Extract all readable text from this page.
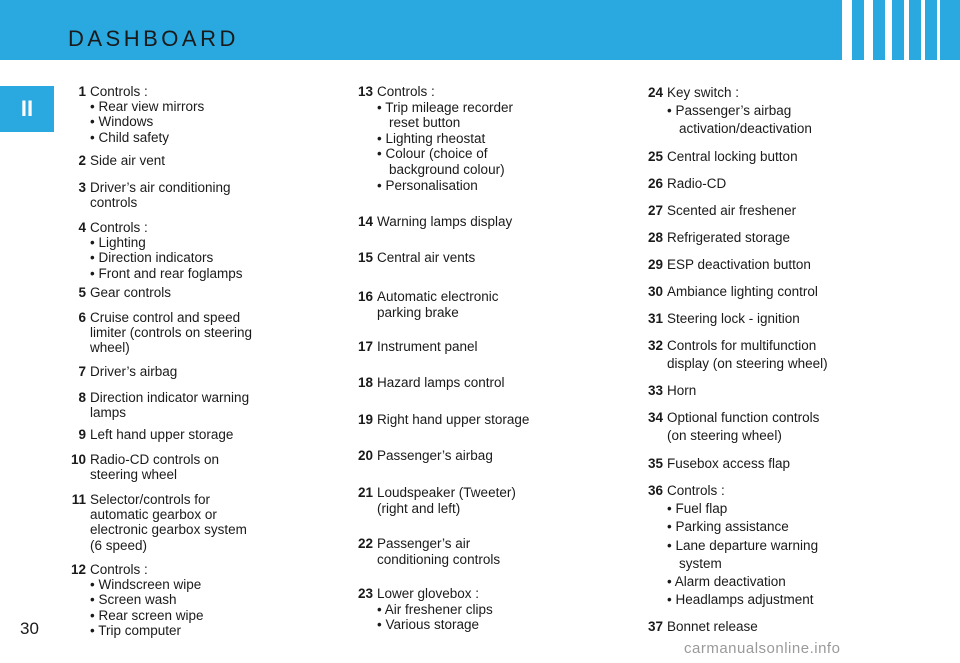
DASHBOARD
II
1 Controls :
• Rear view mirrors
• Windows
• Child safety
2 Side air vent
3 Driver’s air conditioning
controls
4 Controls :
• Lighting
• Direction indicators
• Front and rear foglamps
5 Gear controls
6 Cruise control and speed
limiter (controls on steering
wheel)
7 Driver’s airbag
8 Direction indicator warning
lamps
9 Left hand upper storage
10 Radio-CD controls on
steering wheel
11 Selector/controls for
automatic gearbox or
electronic gearbox system
(6 speed)
12 Controls :
• Windscreen wipe
• Screen wash
• Rear screen wipe
• Trip computer
13 Controls :
• Trip mileage recorder
reset button
• Lighting rheostat
• Colour (choice of
background colour)
• Personalisation
14 Warning lamps display
15 Central air vents
16 Automatic electronic
parking brake
17 Instrument panel
18 Hazard lamps control
19 Right hand upper storage
20 Passenger’s airbag
21 Loudspeaker (Tweeter)
(right and left)
22 Passenger’s air
conditioning controls
23 Lower glovebox :
• Air freshener clips
• Various storage
24 Key switch :
• Passenger’s airbag
activation/deactivation
25 Central locking button
26 Radio-CD
27 Scented air freshener
28 Refrigerated storage
29 ESP deactivation button
30 Ambiance lighting control
31 Steering lock - ignition
32 Controls for multifunction
display (on steering wheel)
33 Horn
34 Optional function controls
(on steering wheel)
35 Fusebox access flap
36 Controls :
• Fuel flap
• Parking assistance
• Lane departure warning
system
• Alarm deactivation
• Headlamps adjustment
37 Bonnet release
30
carmanualsonline.info
